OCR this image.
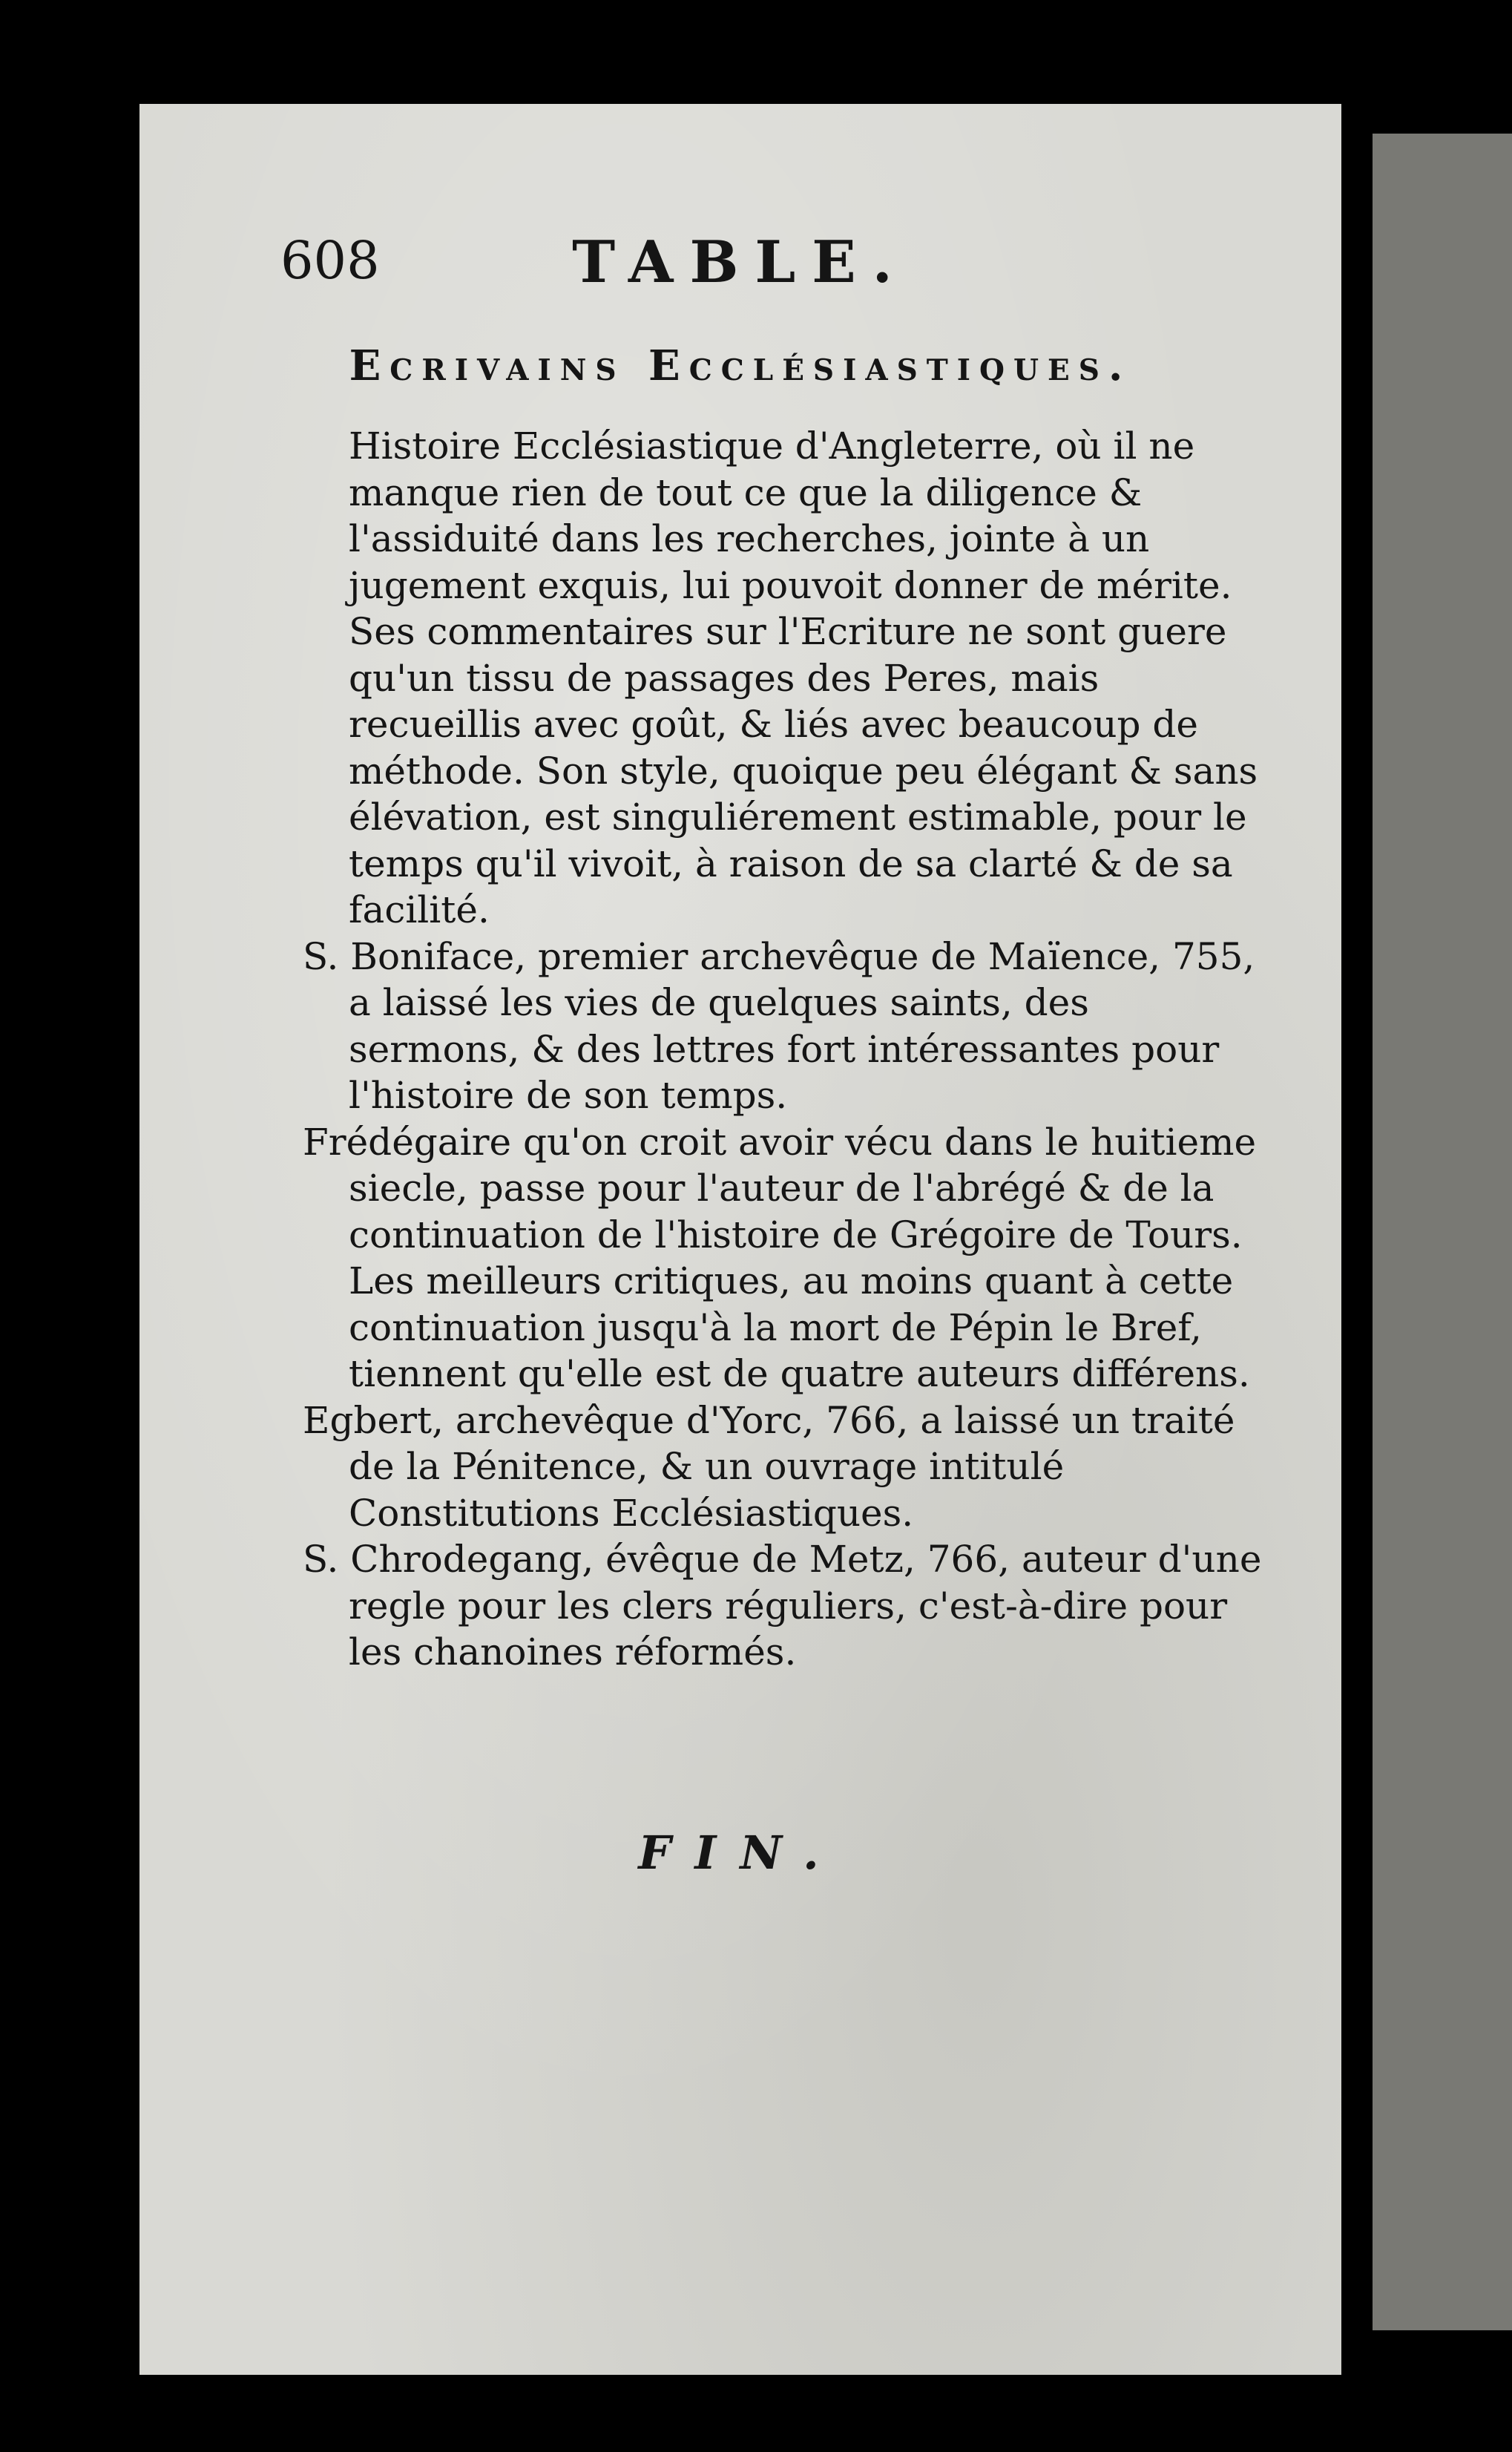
608	TABLE.
Ecrivains Ecclésiastiques.

Histoire Ecclésiastique d'Angleterre, où il ne manque rien de tout ce que la diligence & l'assiduité dans les recherches, jointe à un jugement exquis, lui pouvoit donner de mérite. Ses commentaires sur l'Ecriture ne sont guere qu'un tissu de passages des Peres, mais recueillis avec goût, & liés avec beaucoup de méthode. Son style, quoique peu élégant & sans élévation, est singuliérement estimable, pour le temps qu'il vivoit, à raison de sa clarté & de sa facilité.

S. Boniface, premier archevêque de Maïence, 755, a laissé les vies de quelques saints, des sermons, & des lettres fort intéressantes pour l'histoire de son temps.

Frédégaire qu'on croit avoir vécu dans le huitieme siecle, passe pour l'auteur de l'abrégé & de la continuation de l'histoire de Grégoire de Tours. Les meilleurs critiques, au moins quant à cette continuation jusqu'à la mort de Pépin le Bref, tiennent qu'elle est de quatre auteurs différens.

Egbert, archevêque d'Yorc, 766, a laissé un traité de la Pénitence, & un ouvrage intitulé Constitutions Ecclésiastiques.

S. Chrodegang, évêque de Metz, 766, auteur d'une regle pour les clers réguliers, c'est-à-dire pour les chanoines réformés.

FIN.
